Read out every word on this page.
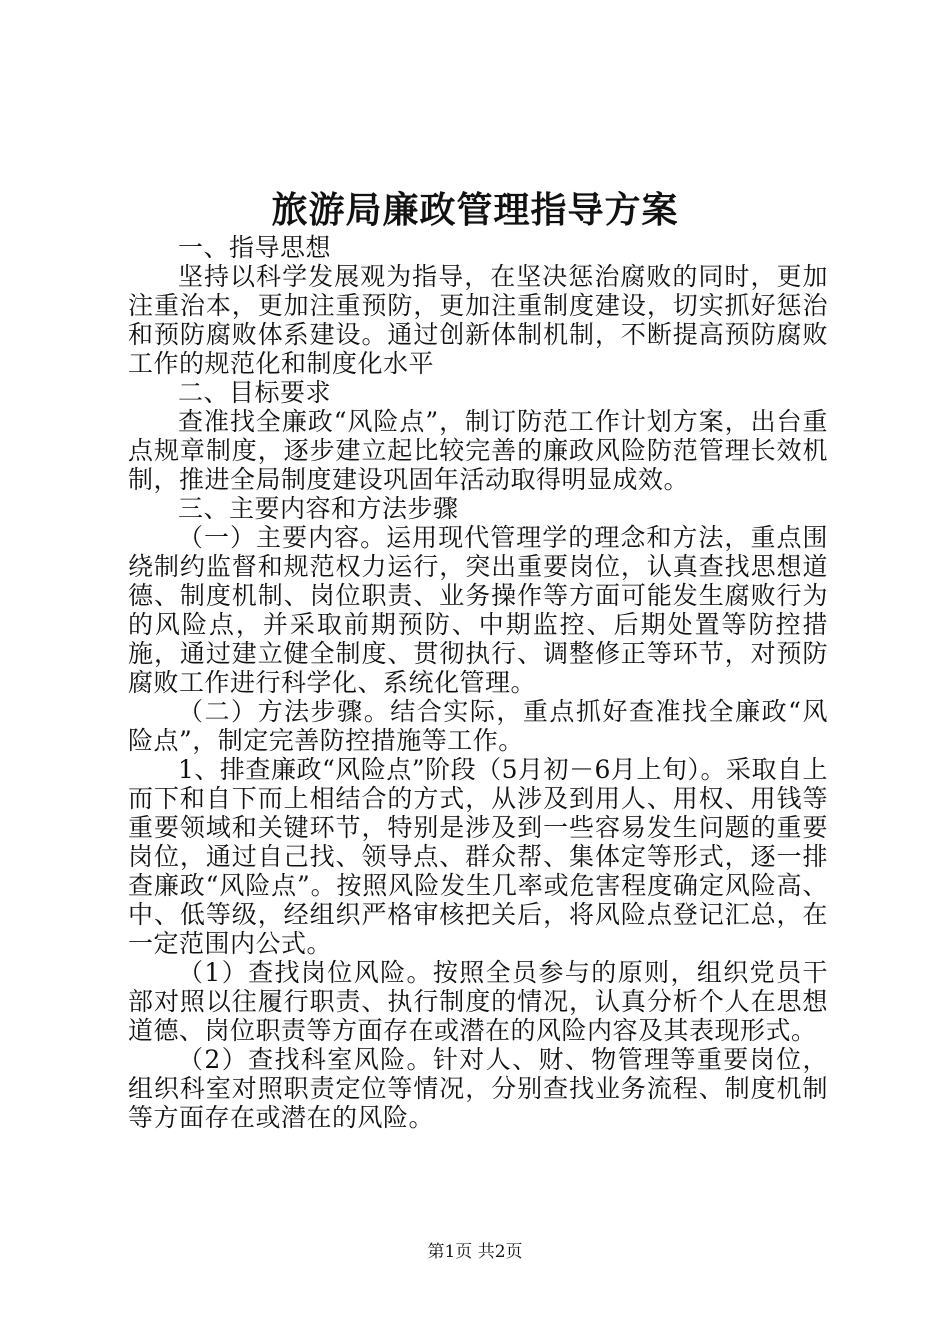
旅游局廉政管理指导方案

一、指导思想

坚持以科学发展观为指导，在坚决惩治腐败的同时，更加注重治本，更加注重预防，更加注重制度建设，切实抓好惩治和预防腐败体系建设。通过创新体制机制，不断提高预防腐败工作的规范化和制度化水平

二、目标要求

查准找全廉政“风险点”，制订防范工作计划方案，出台重点规章制度，逐步建立起比较完善的廉政风险防范管理长效机制，推进全局制度建设巩固年活动取得明显成效。

三、主要内容和方法步骤

（一）主要内容。运用现代管理学的理念和方法，重点围绕制约监督和规范权力运行，突出重要岗位，认真查找思想道德、制度机制、岗位职责、业务操作等方面可能发生腐败行为的风险点，并采取前期预防、中期监控、后期处置等防控措施，通过建立健全制度、贯彻执行、调整修正等环节，对预防腐败工作进行科学化、系统化管理。

（二）方法步骤。结合实际，重点抓好查准找全廉政“风险点”，制定完善防控措施等工作。

1、排查廉政“风险点”阶段（5月初－6月上旬）。采取自上而下和自下而上相结合的方式，从涉及到用人、用权、用钱等重要领域和关键环节，特别是涉及到一些容易发生问题的重要岗位，通过自己找、领导点、群众帮、集体定等形式，逐一排查廉政“风险点”。按照风险发生几率或危害程度确定风险高、中、低等级，经组织严格审核把关后，将风险点登记汇总，在一定范围内公式。

（1）查找岗位风险。按照全员参与的原则，组织党员干部对照以往履行职责、执行制度的情况，认真分析个人在思想道德、岗位职责等方面存在或潜在的风险内容及其表现形式。

（2）查找科室风险。针对人、财、物管理等重要岗位，组织科室对照职责定位等情况，分别查找业务流程、制度机制等方面存在或潜在的风险。

第1页 共2页
